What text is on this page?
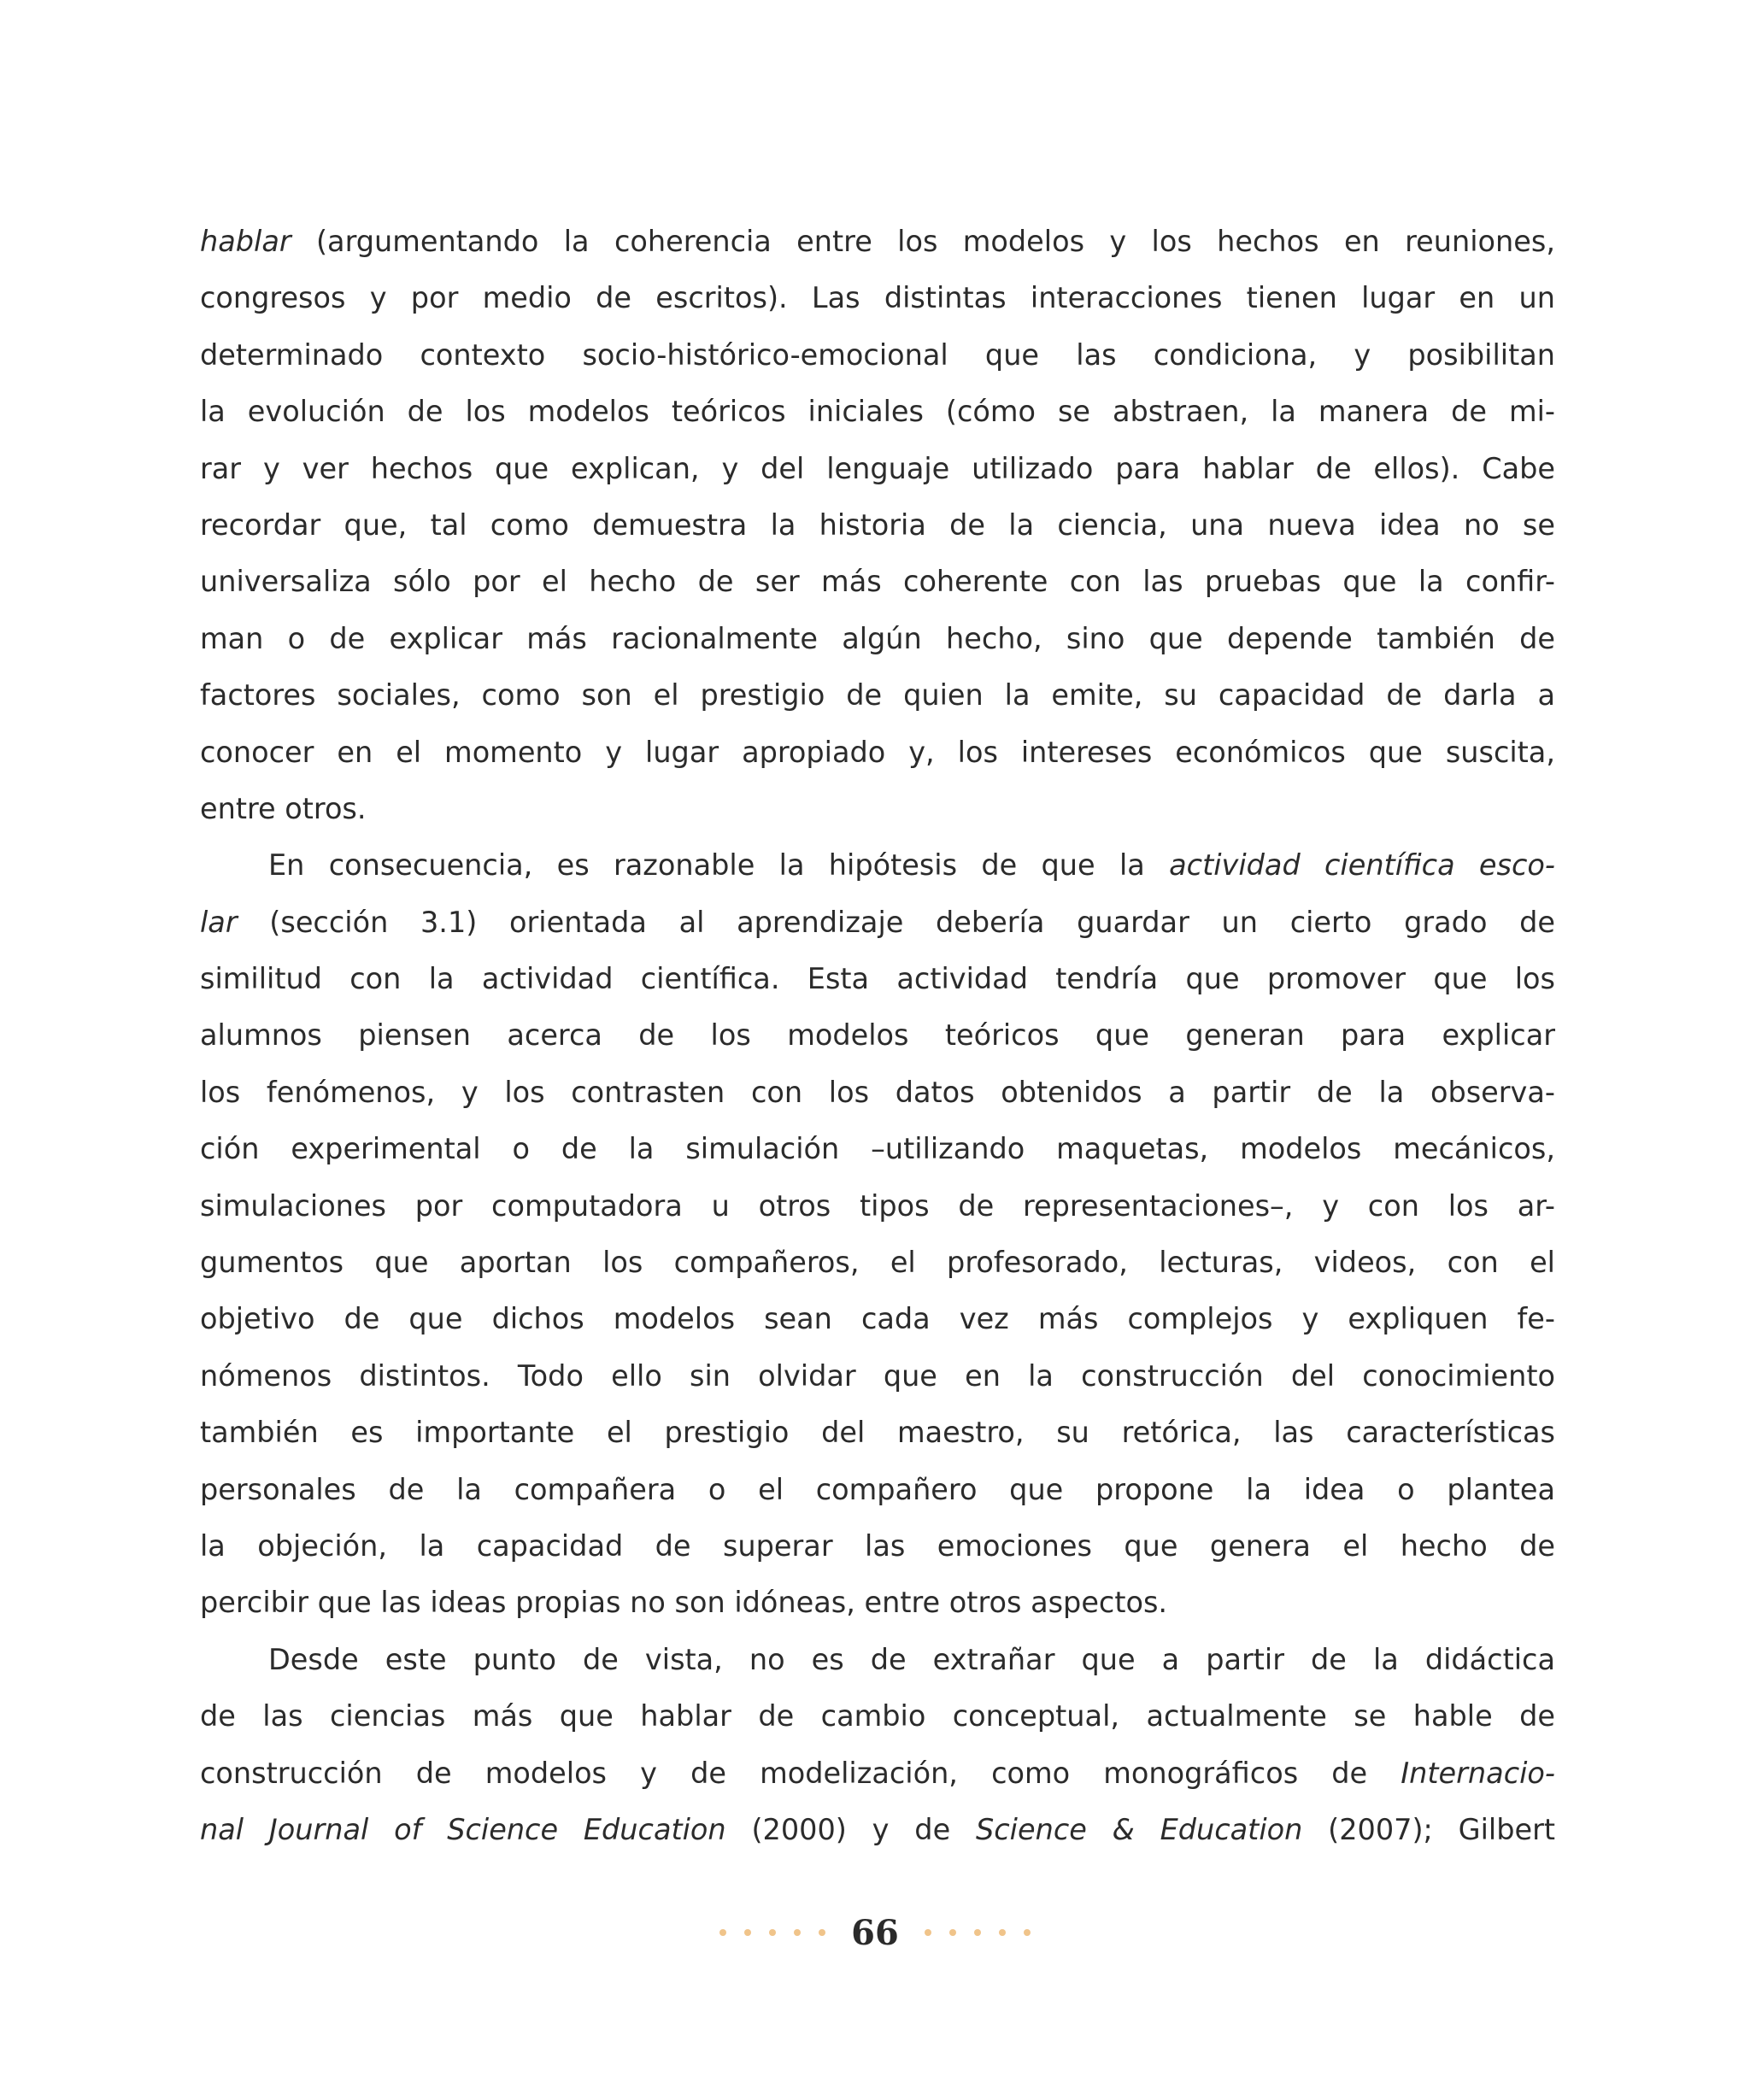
hablar (argumentando la coherencia entre los modelos y los hechos en reuniones,
congresos y por medio de escritos). Las distintas interacciones tienen lugar en un
determinado contexto socio-histórico-emocional que las condiciona, y posibilitan
la evolución de los modelos teóricos iniciales (cómo se abstraen, la manera de mi-
rar y ver hechos que explican, y del lenguaje utilizado para hablar de ellos). Cabe
recordar que, tal como demuestra la historia de la ciencia, una nueva idea no se
universaliza sólo por el hecho de ser más coherente con las pruebas que la confir-
man o de explicar más racionalmente algún hecho, sino que depende también de
factores sociales, como son el prestigio de quien la emite, su capacidad de darla a
conocer en el momento y lugar apropiado y, los intereses económicos que suscita,
entre otros.
En consecuencia, es razonable la hipótesis de que la actividad científica esco-
lar (sección 3.1) orientada al aprendizaje debería guardar un cierto grado de
similitud con la actividad científica. Esta actividad tendría que promover que los
alumnos piensen acerca de los modelos teóricos que generan para explicar
los fenómenos, y los contrasten con los datos obtenidos a partir de la observa-
ción experimental o de la simulación –utilizando maquetas, modelos mecánicos,
simulaciones por computadora u otros tipos de representaciones–, y con los ar-
gumentos que aportan los compañeros, el profesorado, lecturas, videos, con el
objetivo de que dichos modelos sean cada vez más complejos y expliquen fe-
nómenos distintos. Todo ello sin olvidar que en la construcción del conocimiento
también es importante el prestigio del maestro, su retórica, las características
personales de la compañera o el compañero que propone la idea o plantea
la objeción, la capacidad de superar las emociones que genera el hecho de
percibir que las ideas propias no son idóneas, entre otros aspectos.
Desde este punto de vista, no es de extrañar que a partir de la didáctica
de las ciencias más que hablar de cambio conceptual, actualmente se hable de
construcción de modelos y de modelización, como monográficos de Internacio-
nal Journal of Science Education (2000) y de Science & Education (2007); Gilbert
66
